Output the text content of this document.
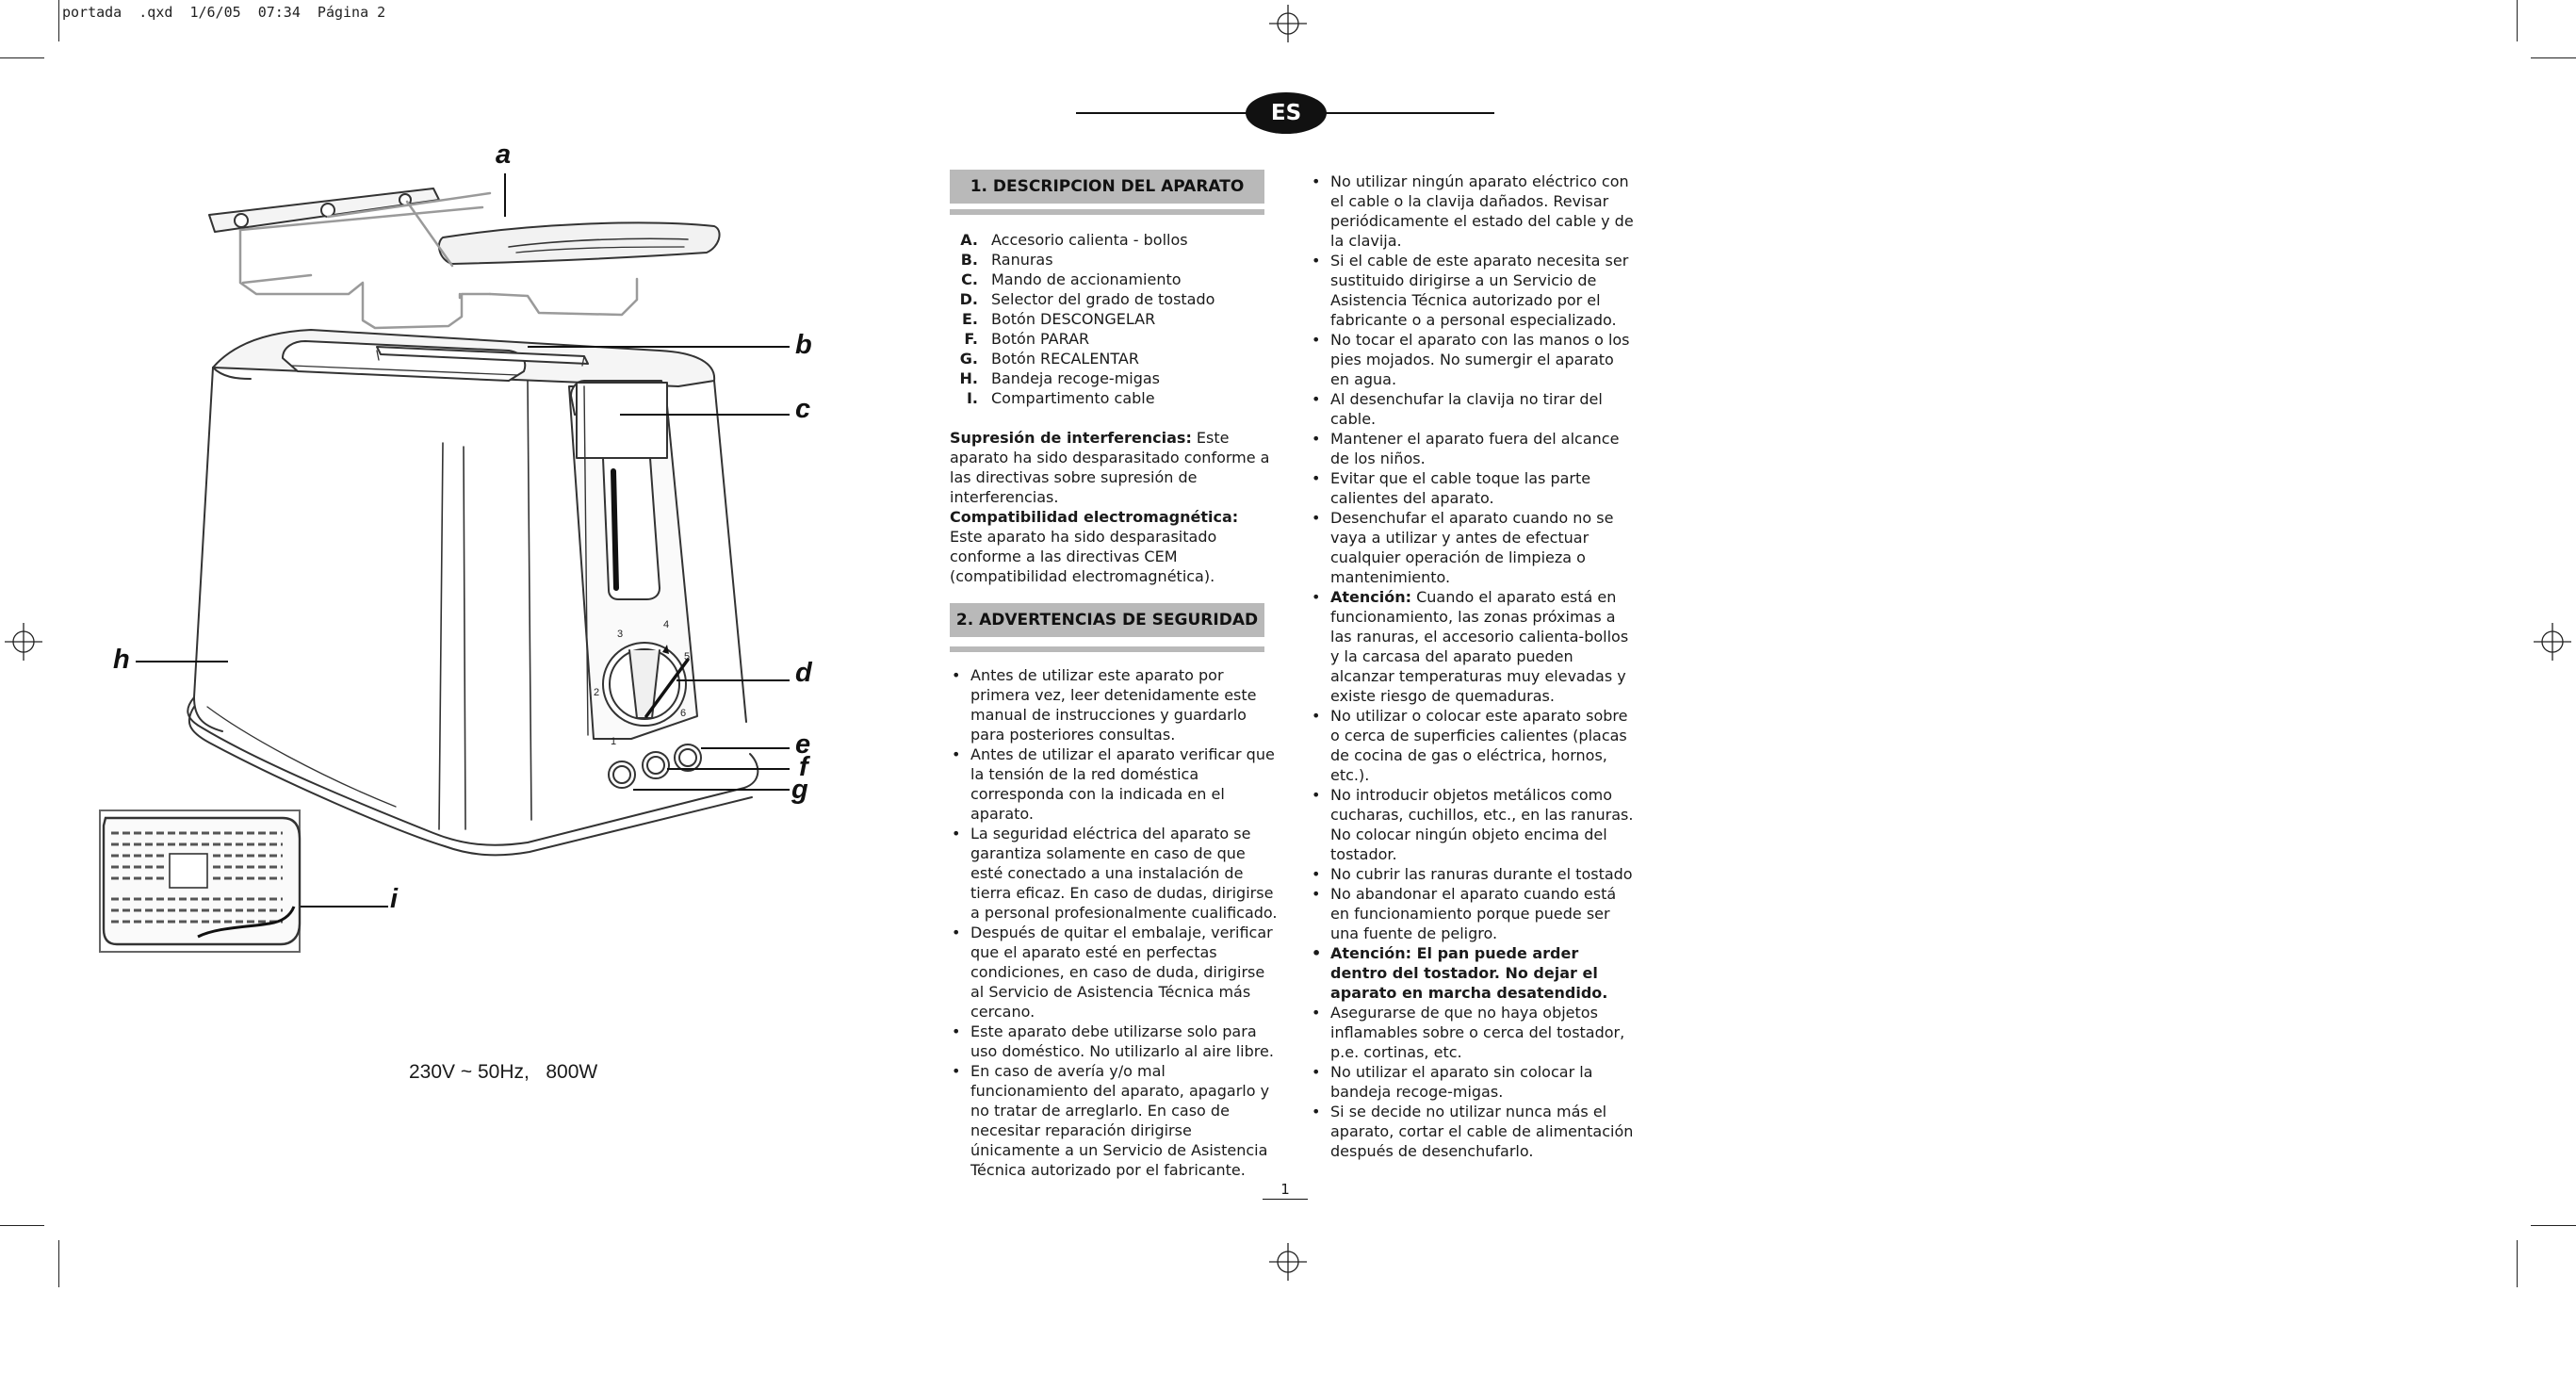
portada  .qxd  1/6/05  07:34  Página 2
ES
1
2
3
4
5
6
a
b
c
d
e
f
g
h
i
230V ~ 50Hz,   800W
1. DESCRIPCION DEL APARATO
A. Accesorio calienta - bollos
B. Ranuras
C. Mando de accionamiento
D. Selector del grado de tostado
E. Botón DESCONGELAR
F. Botón PARAR
G. Botón RECALENTAR
H. Bandeja recoge-migas
I. Compartimento cable
Supresión de interferencias: Este aparato ha sido desparasitado conforme a las directivas sobre supresión de interferencias.
Compatibilidad electromagnética: Este aparato ha sido desparasitado conforme a las directivas CEM (compatibilidad electromagnética).
2. ADVERTENCIAS DE SEGURIDAD
• Antes de utilizar este aparato por primera vez, leer detenidamente este manual de instrucciones y guardarlo para posteriores consultas.
• Antes de utilizar el aparato verificar que la tensión de la red doméstica corresponda con la indicada en el aparato.
• La seguridad eléctrica del aparato se garantiza solamente en caso de que esté conectado a una instalación de tierra eficaz. En caso de dudas, dirigirse a personal profesionalmente cualificado.
• Después de quitar el embalaje, verificar que el aparato esté en perfectas condiciones, en caso de duda, dirigirse al Servicio de Asistencia Técnica más cercano.
• Este aparato debe utilizarse solo para uso doméstico. No utilizarlo al aire libre.
• En caso de avería y/o mal funcionamiento del aparato, apagarlo y no tratar de arreglarlo. En caso de necesitar reparación dirigirse únicamente a un Servicio de Asistencia Técnica autorizado por el fabricante.
• No utilizar ningún aparato eléctrico con el cable o la clavija dañados. Revisar periódicamente el estado del cable y de la clavija.
• Si el cable de este aparato necesita ser sustituido dirigirse a un Servicio de Asistencia Técnica autorizado por el fabricante o a personal especializado.
• No tocar el aparato con las manos o los pies mojados. No sumergir el aparato en agua.
• Al desenchufar la clavija no tirar del cable.
• Mantener el aparato fuera del alcance de los niños.
• Evitar que el cable toque las parte calientes del aparato.
• Desenchufar el aparato cuando no se vaya a utilizar y antes de efectuar cualquier operación de limpieza o mantenimiento.
• Atención: Cuando el aparato está en funcionamiento, las zonas próximas a las ranuras, el accesorio calienta-bollos y la carcasa del aparato pueden alcanzar temperaturas muy elevadas y existe riesgo de quemaduras.
• No utilizar o colocar este aparato sobre o cerca de superficies calientes (placas de cocina de gas o eléctrica, hornos, etc.).
• No introducir objetos metálicos como cucharas, cuchillos, etc., en las ranuras. No colocar ningún objeto encima del tostador.
• No cubrir las ranuras durante el tostado
• No abandonar el aparato cuando está en funcionamiento porque puede ser una fuente de peligro.
• Atención: El pan puede arder dentro del tostador. No dejar el aparato en marcha desatendido.
• Asegurarse de que no haya objetos inflamables sobre o cerca del tostador, p.e. cortinas, etc.
• No utilizar el aparato sin colocar la bandeja recoge-migas.
• Si se decide no utilizar nunca más el aparato, cortar el cable de alimentación después de desenchufarlo.
1
